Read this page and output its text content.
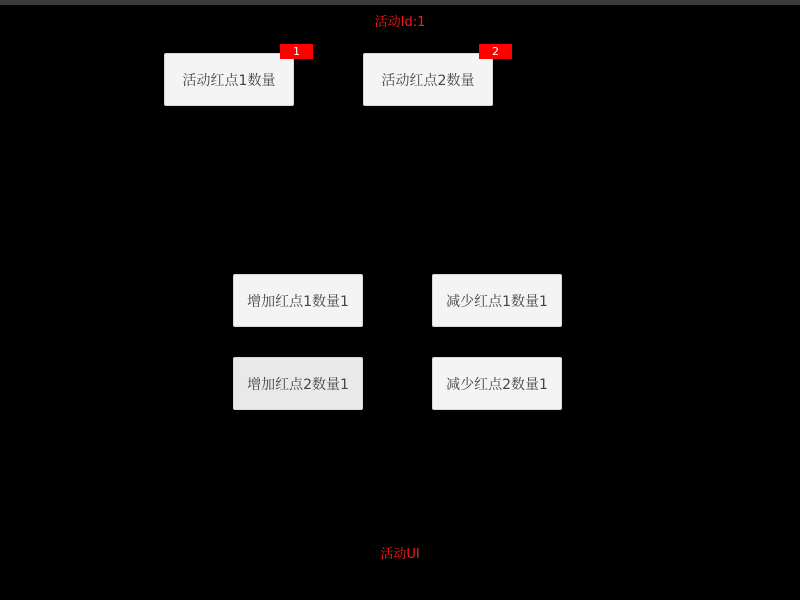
活动Id:1
活动红点1数量
1
活动红点2数量
2
增加红点1数量1	减少红点1数量1
增加红点2数量1	减少红点2数量1
活动UI
